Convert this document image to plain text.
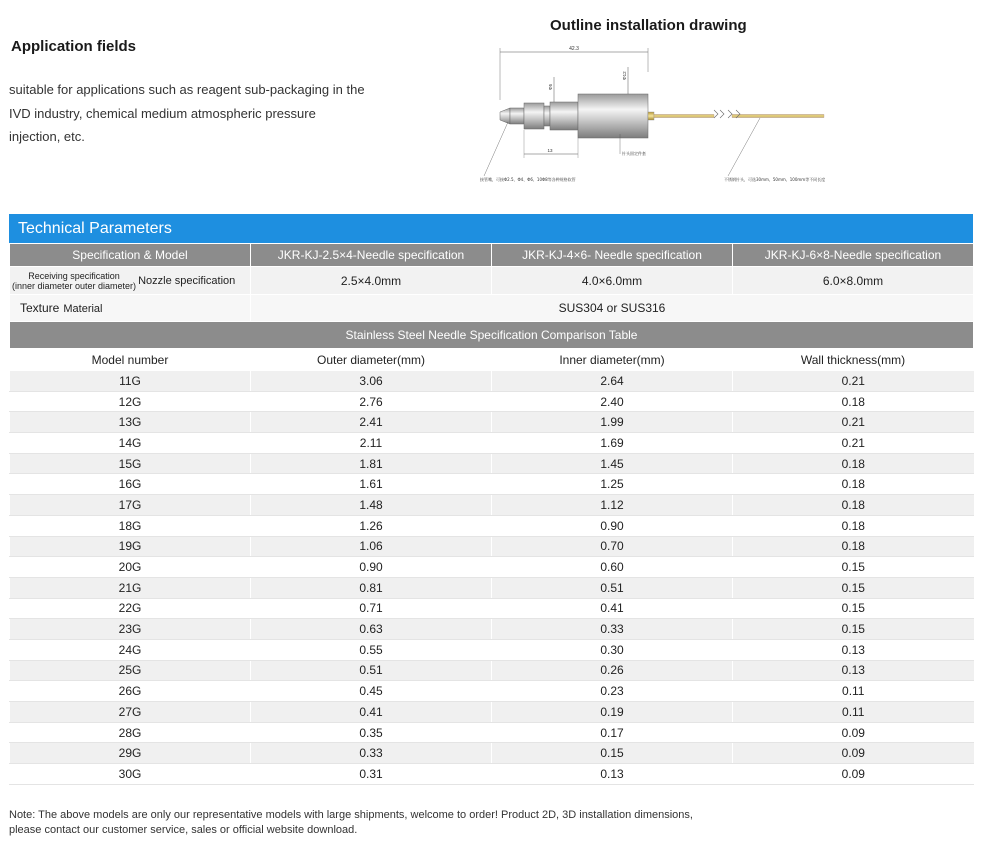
Application fields
suitable for applications such as reagent sub-packaging in the IVD industry, chemical medium atmospheric pressure injection, etc.
Outline installation drawing
42.3
Φ5
Φ12
13
针头固定件套
接管嘴，可接Φ2.5、Φ4、Φ6、10Φ8等各种规格软管	不锈钢针头，可选30mm、50mm、100mm等不同长度
Technical Parameters
Specification & Model	JKR-KJ-2.5×4-Needle specification	JKR-KJ-4×6- Needle specification	JKR-KJ-6×8-Needle specification
Receiving specification
(inner diameter outer diameter) Nozzle specification	2.5×4.0mm	4.0×6.0mm	6.0×8.0mm
Texture Material	SUS304 or SUS316		
Stainless Steel Needle Specification Comparison Table			
Model number	Outer diameter(mm)	Inner diameter(mm)	Wall thickness(mm)
11G	3.06	2.64	0.21
12G	2.76	2.40	0.18
13G	2.41	1.99	0.21
14G	2.11	1.69	0.21
15G	1.81	1.45	0.18
16G	1.61	1.25	0.18
17G	1.48	1.12	0.18
18G	1.26	0.90	0.18
19G	1.06	0.70	0.18
20G	0.90	0.60	0.15
21G	0.81	0.51	0.15
22G	0.71	0.41	0.15
23G	0.63	0.33	0.15
24G	0.55	0.30	0.13
25G	0.51	0.26	0.13
26G	0.45	0.23	0.11
27G	0.41	0.19	0.11
28G	0.35	0.17	0.09
29G	0.33	0.15	0.09
30G	0.31	0.13	0.09
Note: The above models are only our representative models with large shipments, welcome to order! Product 2D, 3D installation dimensions,
please contact our customer service, sales or official website download.
